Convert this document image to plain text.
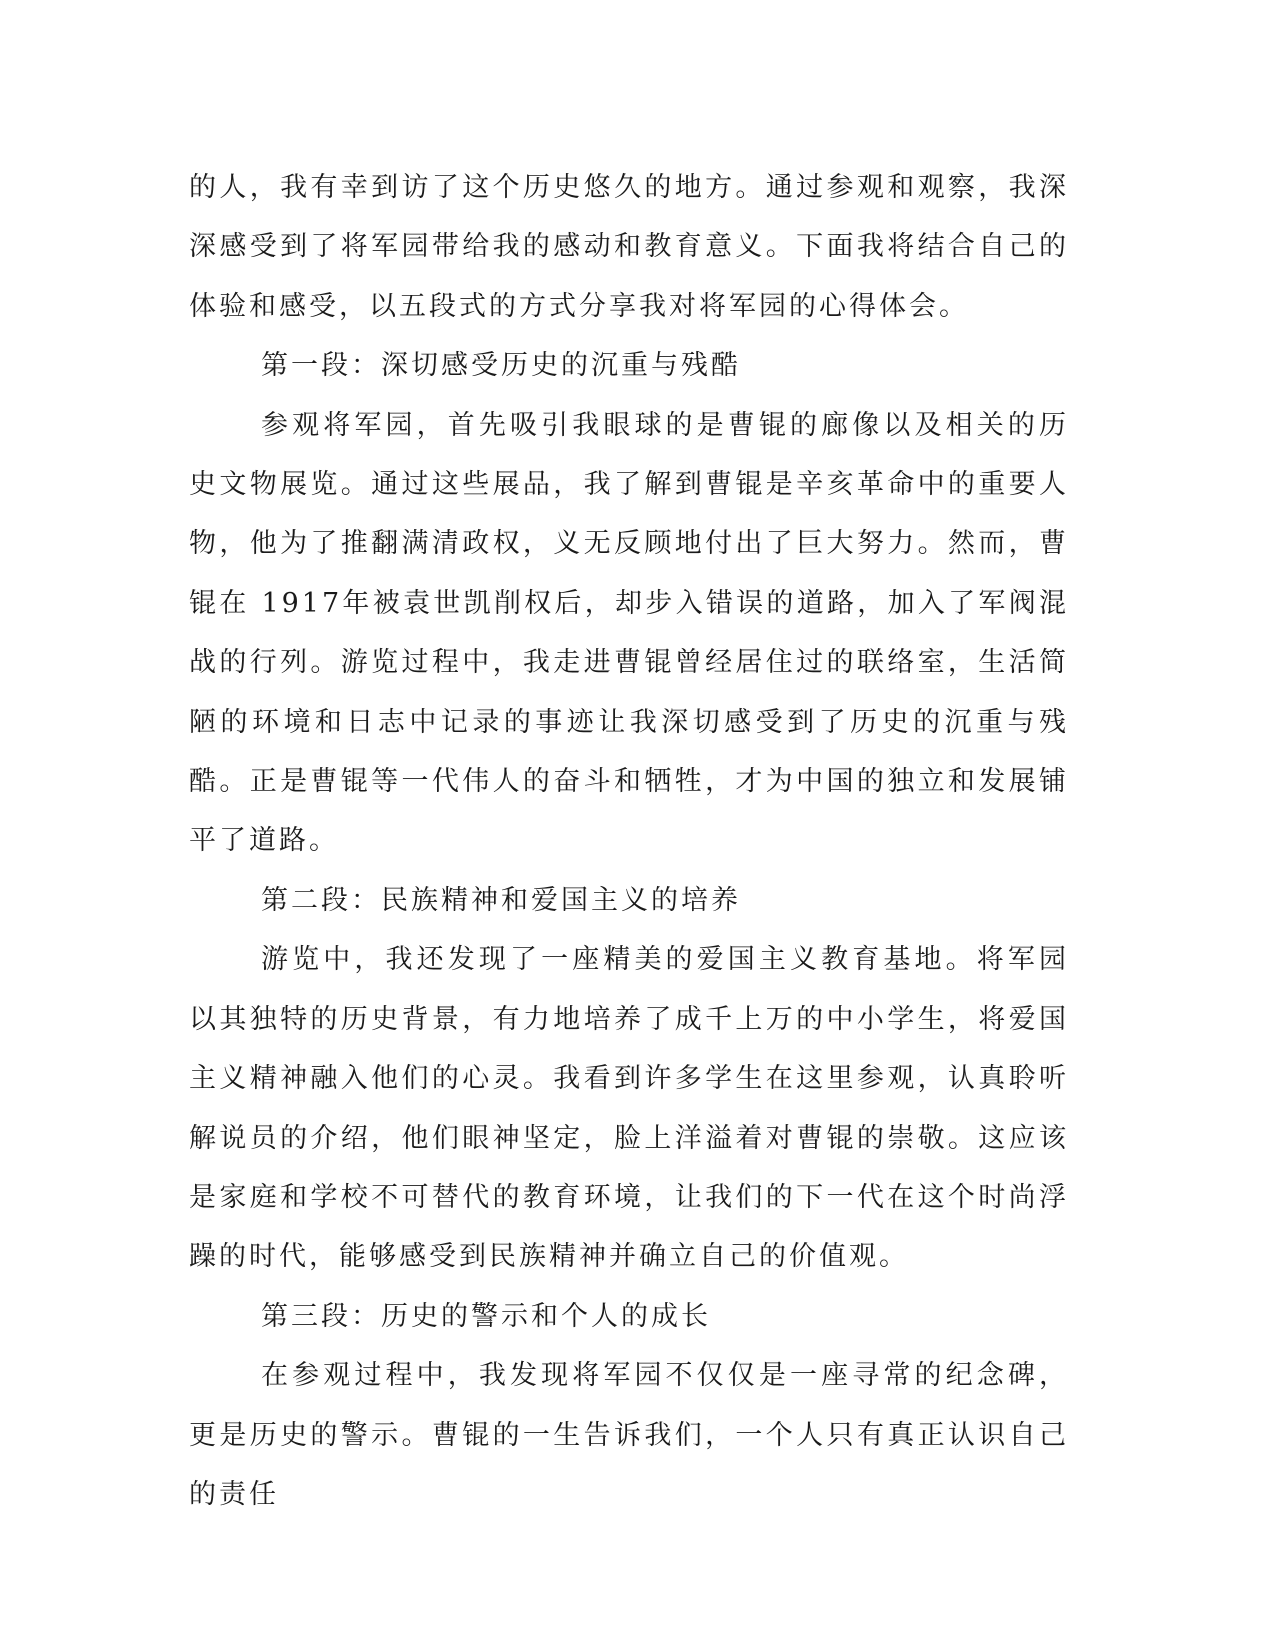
的人，我有幸到访了这个历史悠久的地方。通过参观和观察，我深深感受到了将军园带给我的感动和教育意义。下面我将结合自己的体验和感受，以五段式的方式分享我对将军园的心得体会。

第一段：深切感受历史的沉重与残酷

参观将军园，首先吸引我眼球的是曹锟的廊像以及相关的历史文物展览。通过这些展品，我了解到曹锟是辛亥革命中的重要人物，他为了推翻满清政权，义无反顾地付出了巨大努力。然而，曹锟在 1917年被袁世凯削权后，却步入错误的道路，加入了军阀混战的行列。游览过程中，我走进曹锟曾经居住过的联络室，生活简陋的环境和日志中记录的事迹让我深切感受到了历史的沉重与残酷。正是曹锟等一代伟人的奋斗和牺牲，才为中国的独立和发展铺平了道路。

第二段：民族精神和爱国主义的培养

游览中，我还发现了一座精美的爱国主义教育基地。将军园以其独特的历史背景，有力地培养了成千上万的中小学生，将爱国主义精神融入他们的心灵。我看到许多学生在这里参观，认真聆听解说员的介绍，他们眼神坚定，脸上洋溢着对曹锟的崇敬。这应该是家庭和学校不可替代的教育环境，让我们的下一代在这个时尚浮躁的时代，能够感受到民族精神并确立自己的价值观。

第三段：历史的警示和个人的成长

在参观过程中，我发现将军园不仅仅是一座寻常的纪念碑，更是历史的警示。曹锟的一生告诉我们，一个人只有真正认识自己的责任
